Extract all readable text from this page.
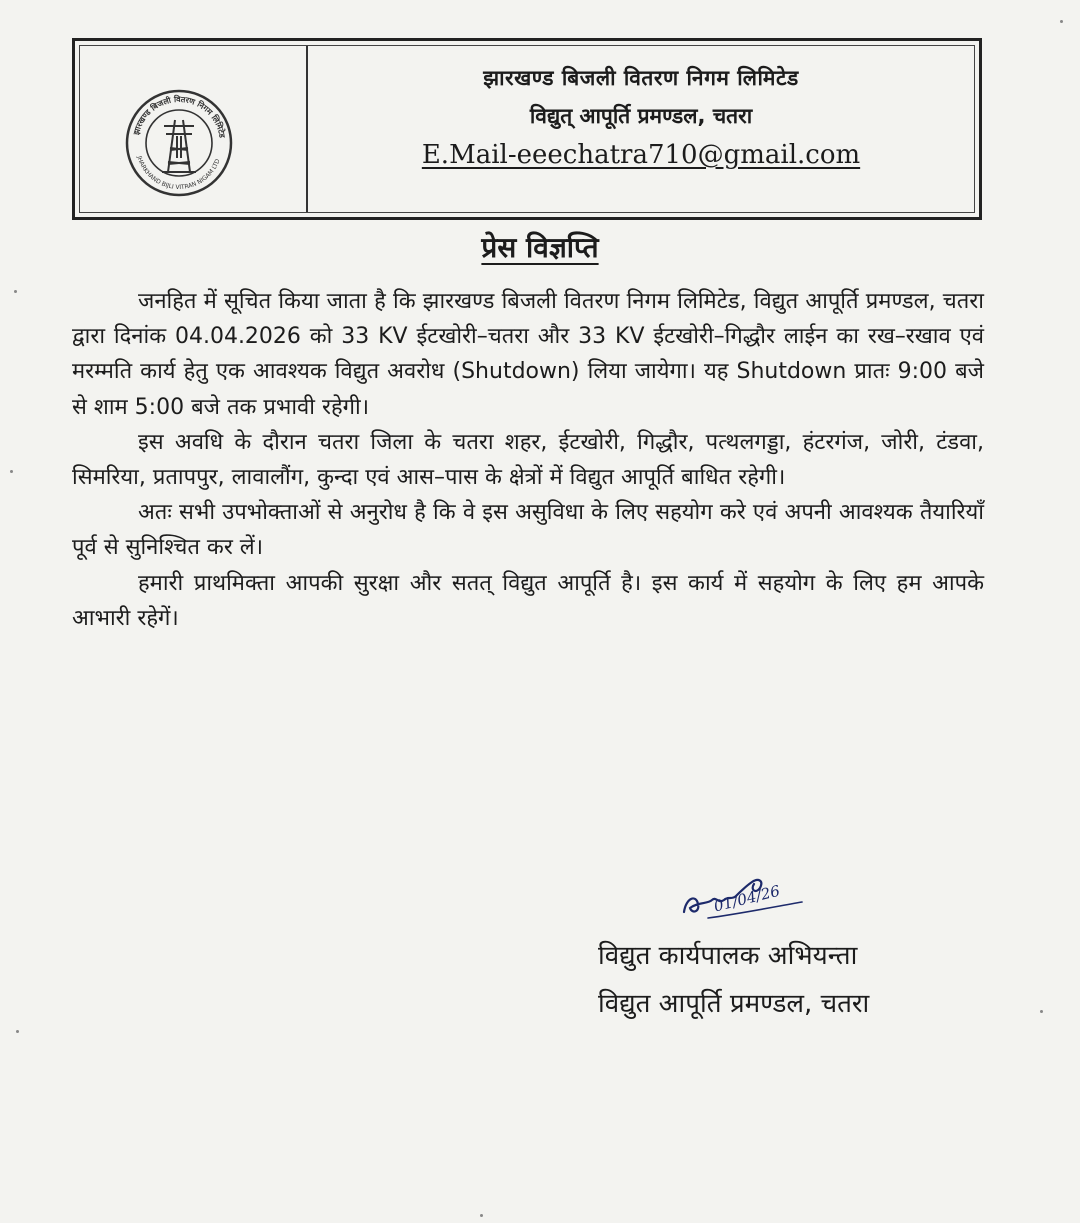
झारखण्ड बिजली वितरण निगम लिमिटेड
JHARKHAND BIJLI VITRAN NIGAM LTD
झारखण्ड बिजली वितरण निगम लिमिटेड
विद्युत् आपूर्ति प्रमण्डल, चतरा
E.Mail-eeechatra710@gmail.com
प्रेस विज्ञप्ति

जनहित में सूचित किया जाता है कि झारखण्ड बिजली वितरण निगम लिमिटेड, विद्युत आपूर्ति प्रमण्डल, चतरा द्वारा दिनांक 04.04.2026 को 33 KV ईटखोरी–चतरा और 33 KV ईटखोरी–गिद्धौर लाईन का रख–रखाव एवं मरम्मति कार्य हेतु एक आवश्यक विद्युत अवरोध (Shutdown) लिया जायेगा। यह Shutdown प्रातः 9:00 बजे से शाम 5:00 बजे तक प्रभावी रहेगी।

इस अवधि के दौरान चतरा जिला के चतरा शहर, ईटखोरी, गिद्धौर, पत्थलगड्डा, हंटरगंज, जोरी, टंडवा, सिमरिया, प्रतापपुर, लावालौंग, कुन्दा एवं आस–पास के क्षेत्रों में विद्युत आपूर्ति बाधित रहेगी।

अतः सभी उपभोक्ताओं से अनुरोध है कि वे इस असुविधा के लिए सहयोग करे एवं अपनी आवश्यक तैयारियाँ पूर्व से सुनिश्चित कर लें।

हमारी प्राथमिक्ता आपकी सुरक्षा और सतत् विद्युत आपूर्ति है। इस कार्य में सहयोग के लिए हम आपके आभारी रहेगें।

01/04/26
विद्युत कार्यपालक अभियन्ता
विद्युत आपूर्ति प्रमण्डल, चतरा
